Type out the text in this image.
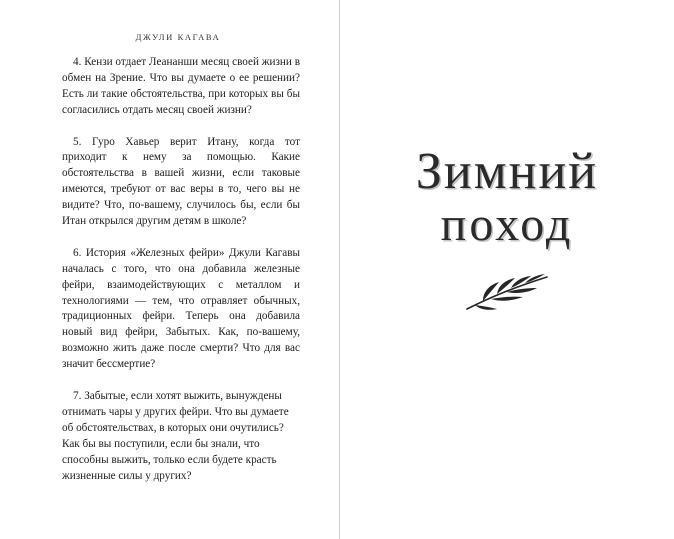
ДЖУЛИ КАГАВА

4. Кензи отдает Леананши месяц своей жизни в обмен на Зрение. Что вы думаете о ее решении? Есть ли такие обстоятельства, при которых вы бы согласились отдать месяц своей жизни?

5. Гуро Хавьер верит Итану, когда тот приходит к нему за помощью. Какие обстоятельства в вашей жизни, если таковые имеются, требуют от вас веры в то, чего вы не видите? Что, по-вашему, случилось бы, если бы Итан открылся другим детям в школе?

6. История «Железных фейри» Джули Кагавы началась с того, что она добавила железные фейри, взаимодействующих с металлом и технологиями — тем, что отравляет обычных, традиционных фейри. Теперь она добавила новый вид фейри, Забытых. Как, по-вашему, возможно жить даже после смерти? Что для вас значит бессмертие?

7. Забытые, если хотят выжить, вынуждены отнимать чары у других фейри. Что вы думаете об обстоятельствах, в которых они очутились? Как бы вы поступили, если бы знали, что способны выжить, только если будете красть жизненные силы у других?

Зимний
поход
